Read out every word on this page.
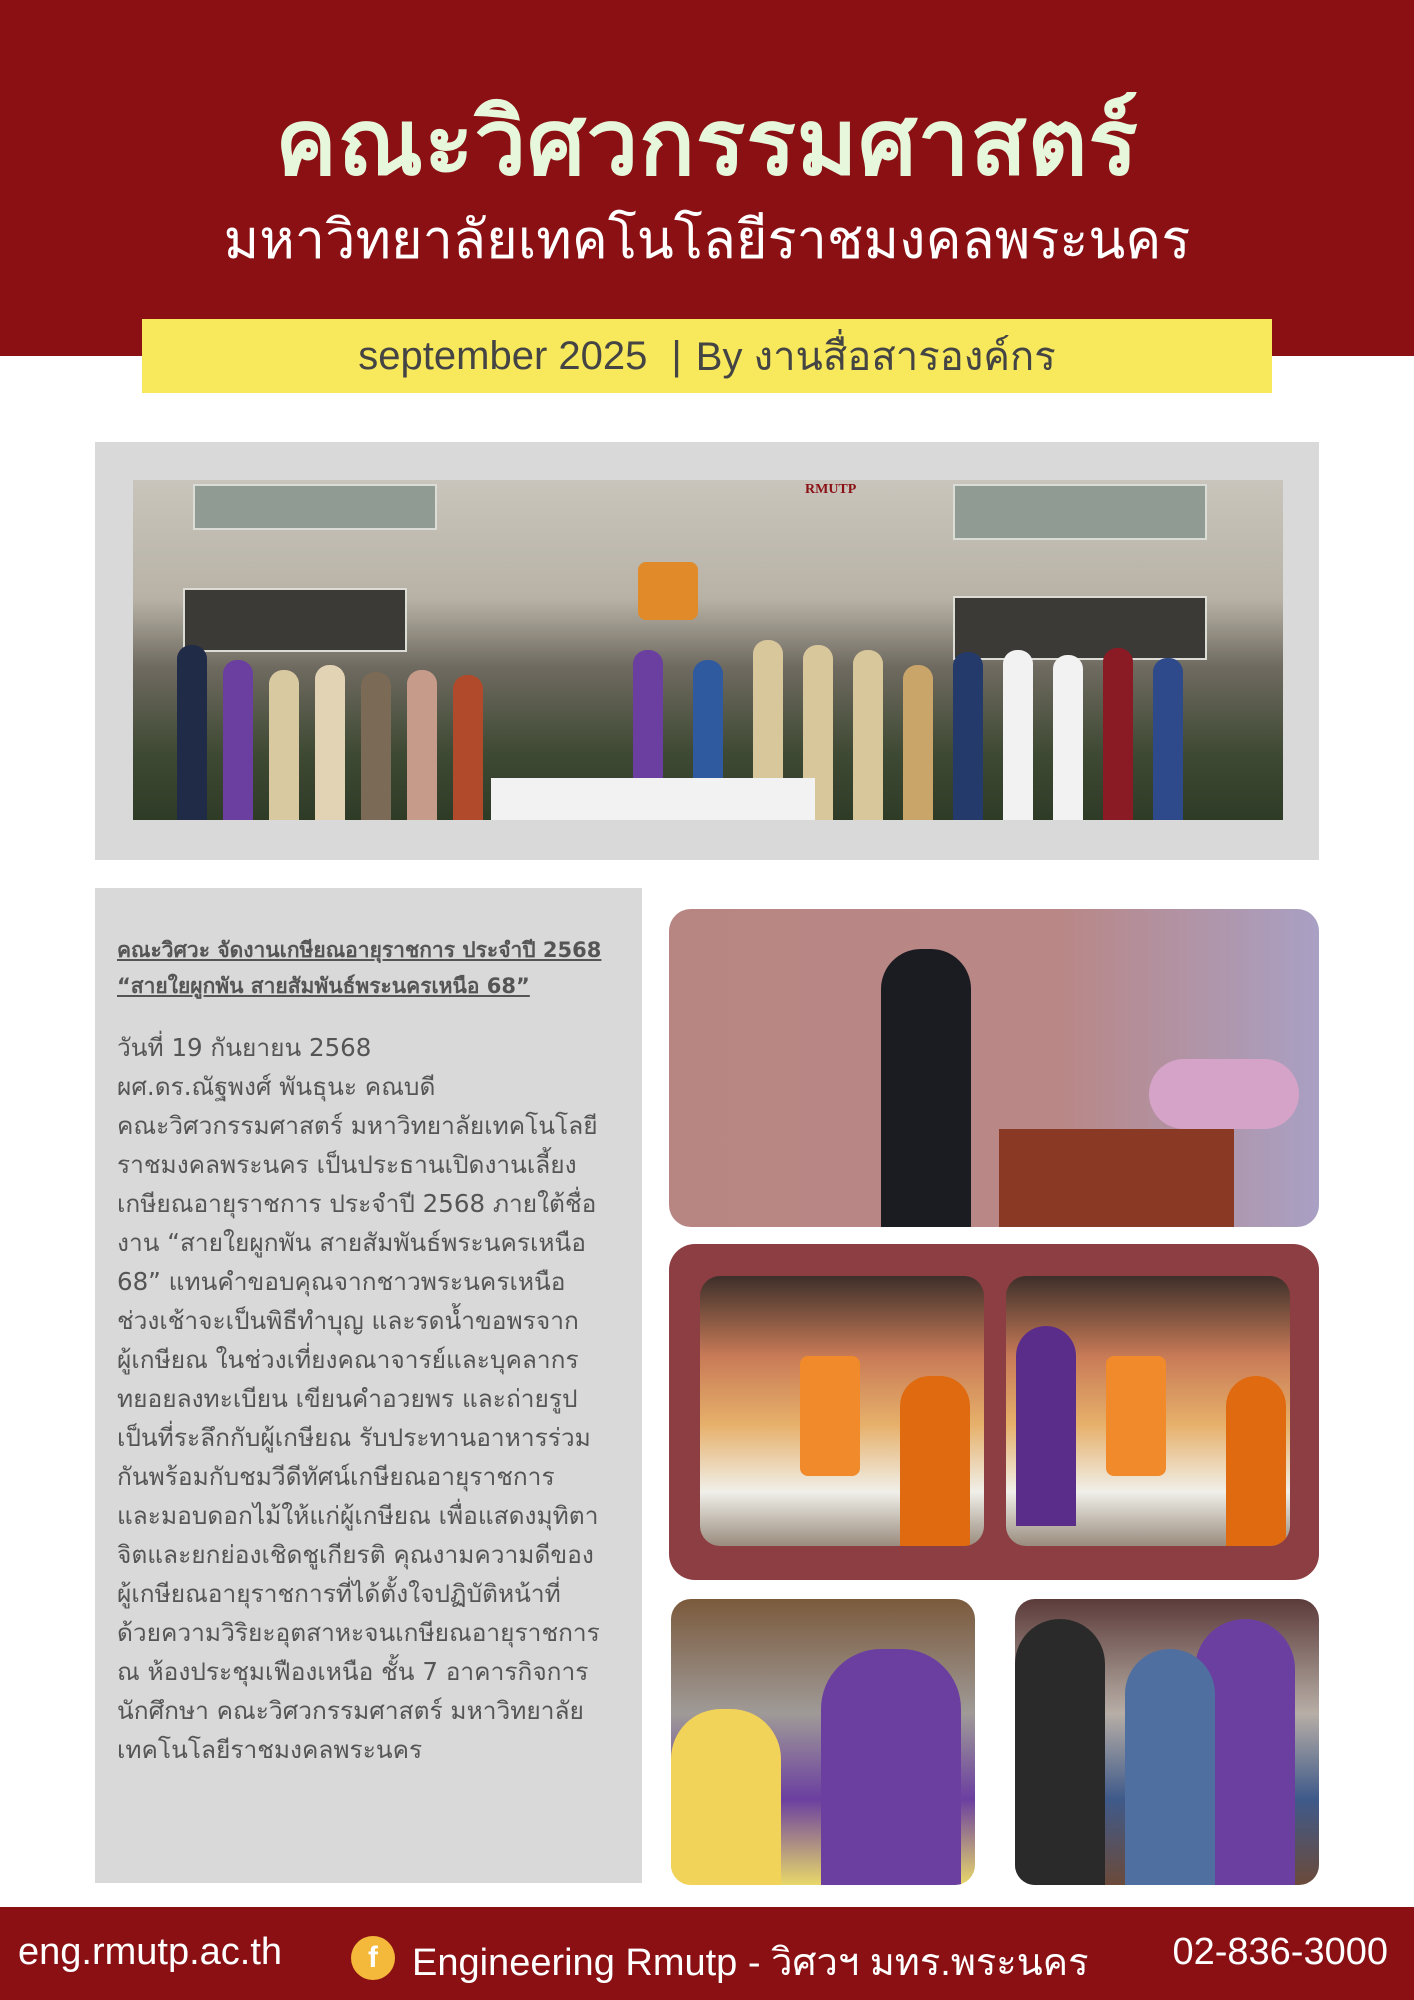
คณะวิศวกรรมศาสตร์
มหาวิทยาลัยเทคโนโลยีราชมงคลพระนคร
september 2025 | By งานสื่อสารองค์กร
RMUTP
คณะวิศวะ จัดงานเกษียณอายุราชการ ประจำปี 2568
“สายใยผูกพัน สายสัมพันธ์พระนครเหนือ 68”
วันที่ 19 กันยายน 2568
ผศ.ดร.ณัฐพงศ์ พันธุนะ คณบดี
คณะวิศวกรรมศาสตร์ มหาวิทยาลัยเทคโนโลยี
ราชมงคลพระนคร เป็นประธานเปิดงานเลี้ยง
เกษียณอายุราชการ ประจำปี 2568 ภายใต้ชื่อ
งาน “สายใยผูกพัน สายสัมพันธ์พระนครเหนือ
68” แทนคำขอบคุณจากชาวพระนครเหนือ
ช่วงเช้าจะเป็นพิธีทำบุญ และรดน้ำขอพรจาก
ผู้เกษียณ ในช่วงเที่ยงคณาจารย์และบุคลากร
ทยอยลงทะเบียน เขียนคำอวยพร และถ่ายรูป
เป็นที่ระลึกกับผู้เกษียณ รับประทานอาหารร่วม
กันพร้อมกับชมวีดีทัศน์เกษียณอายุราชการ
และมอบดอกไม้ให้แก่ผู้เกษียณ เพื่อแสดงมุทิตา
จิตและยกย่องเชิดชูเกียรติ คุณงามความดีของ
ผู้เกษียณอายุราชการที่ได้ตั้งใจปฏิบัติหน้าที่
ด้วยความวิริยะอุตสาหะจนเกษียณอายุราชการ
ณ ห้องประชุมเฟืองเหนือ ชั้น 7 อาคารกิจการ
นักศึกษา คณะวิศวกรรมศาสตร์ มหาวิทยาลัย
เทคโนโลยีราชมงคลพระนคร
eng.rmutp.ac.th	f Engineering Rmutp - วิศวฯ มทร.พระนคร 02-836-3000
